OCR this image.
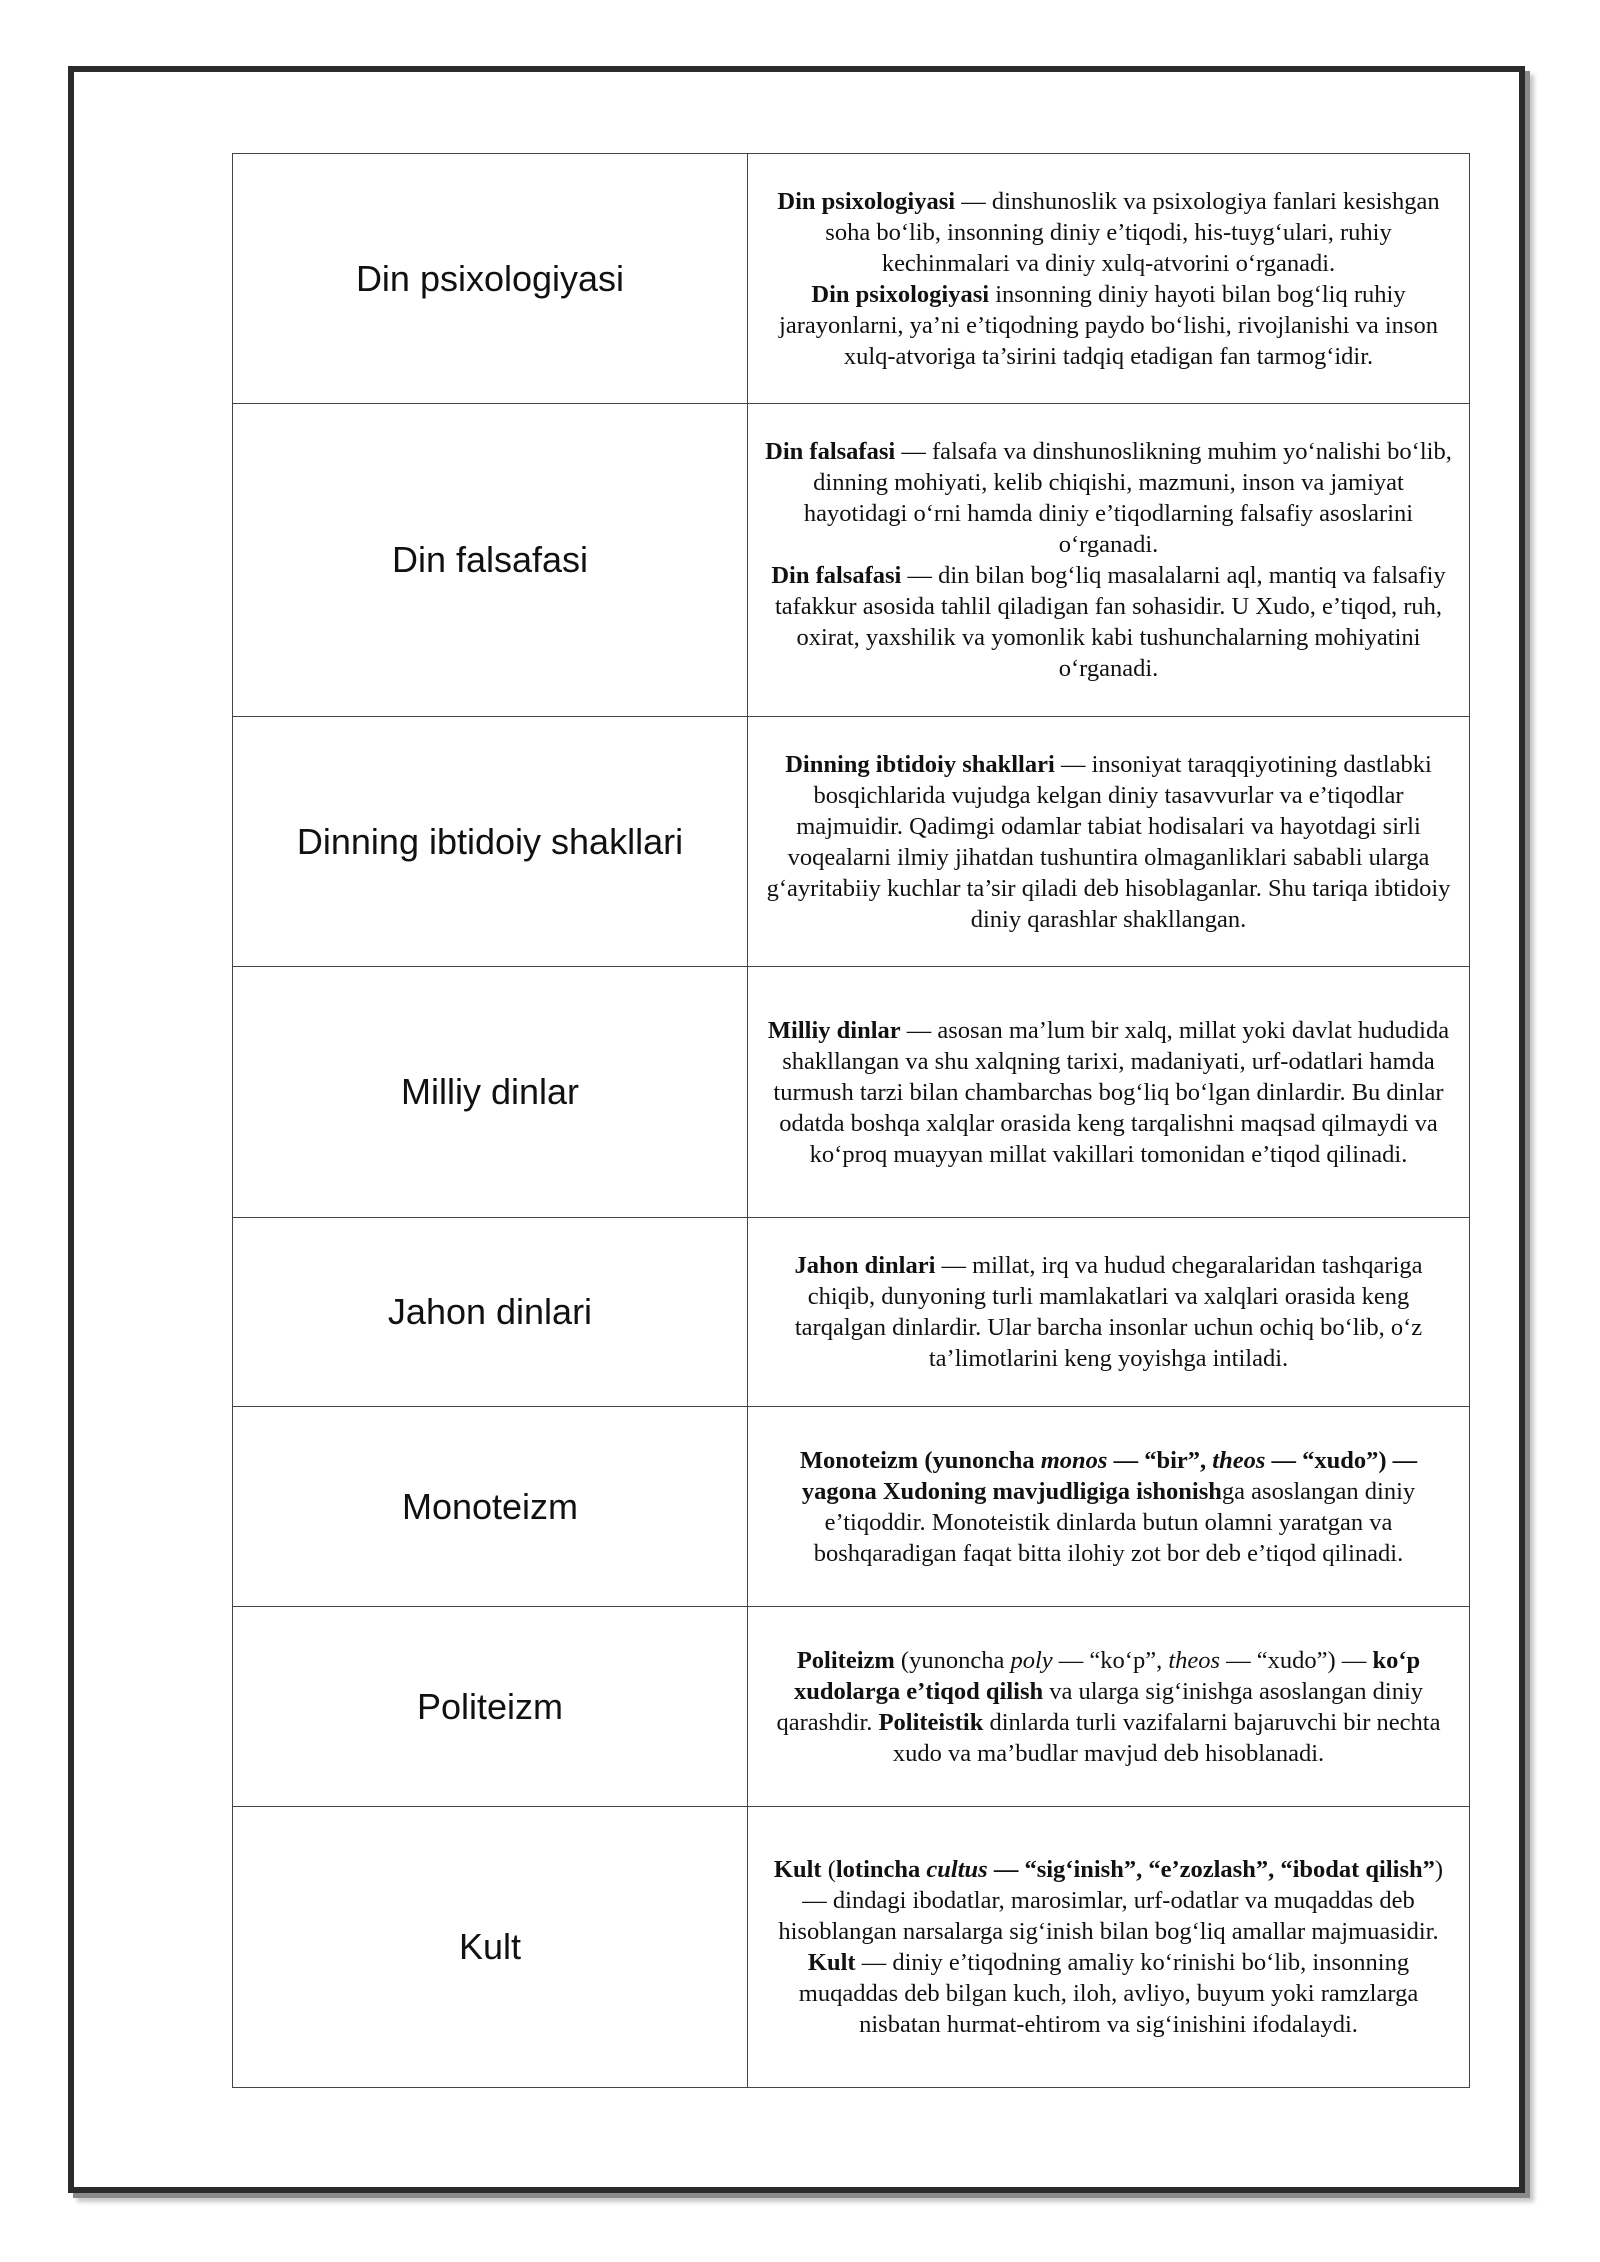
Din psixologiyasi	Din psixologiyasi — dinshunoslik va psixologiya fanlari kesishgan soha bo‘lib, insonning diniy e’tiqodi, his-tuyg‘ulari, ruhiy kechinmalari va diniy xulq-atvorini o‘rganadi.

Din psixologiyasi insonning diniy hayoti bilan bog‘liq ruhiy jarayonlarni, ya’ni e’tiqodning paydo bo‘lishi, rivojlanishi va inson xulq-atvoriga ta’sirini tadqiq etadigan fan tarmog‘idir.

Din falsafasi	Din falsafasi — falsafa va dinshunoslikning muhim yo‘nalishi bo‘lib, dinning mohiyati, kelib chiqishi, mazmuni, inson va jamiyat hayotidagi o‘rni hamda diniy e’tiqodlarning falsafiy asoslarini o‘rganadi.

Din falsafasi — din bilan bog‘liq masalalarni aql, mantiq va falsafiy tafakkur asosida tahlil qiladigan fan sohasidir. U Xudo, e’tiqod, ruh, oxirat, yaxshilik va yomonlik kabi tushunchalarning mohiyatini o‘rganadi.

Dinning ibtidoiy shakllari	Dinning ibtidoiy shakllari — insoniyat taraqqiyotining dastlabki bosqichlarida vujudga kelgan diniy tasavvurlar va e’tiqodlar majmuidir. Qadimgi odamlar tabiat hodisalari va hayotdagi sirli voqealarni ilmiy jihatdan tushuntira olmaganliklari sababli ularga g‘ayritabiiy kuchlar ta’sir qiladi deb hisoblaganlar. Shu tariqa ibtidoiy diniy qarashlar shakllangan.

Milliy dinlar	Milliy dinlar — asosan ma’lum bir xalq, millat yoki davlat hududida shakllangan va shu xalqning tarixi, madaniyati, urf-odatlari hamda turmush tarzi bilan chambarchas bog‘liq bo‘lgan dinlardir. Bu dinlar odatda boshqa xalqlar orasida keng tarqalishni maqsad qilmaydi va ko‘proq muayyan millat vakillari tomonidan e’tiqod qilinadi.

Jahon dinlari	Jahon dinlari — millat, irq va hudud chegaralaridan tashqariga chiqib, dunyoning turli mamlakatlari va xalqlari orasida keng tarqalgan dinlardir. Ular barcha insonlar uchun ochiq bo‘lib, o‘z ta’limotlarini keng yoyishga intiladi.

Monoteizm	Monoteizm (yunoncha monos — “bir”, theos — “xudo”) — yagona Xudoning mavjudligiga ishonishga asoslangan diniy e’tiqoddir. Monoteistik dinlarda butun olamni yaratgan va boshqaradigan faqat bitta ilohiy zot bor deb e’tiqod qilinadi.

Politeizm	Politeizm (yunoncha poly — “ko‘p”, theos — “xudo”) — ko‘p xudolarga e’tiqod qilish va ularga sig‘inishga asoslangan diniy qarashdir. Politeistik dinlarda turli vazifalarni bajaruvchi bir nechta xudo va ma’budlar mavjud deb hisoblanadi.

Kult	Kult (lotincha cultus — “sig‘inish”, “e’zozlash”, “ibodat qilish”) — dindagi ibodatlar, marosimlar, urf-odatlar va muqaddas deb hisoblangan narsalarga sig‘inish bilan bog‘liq amallar majmuasidir.

Kult — diniy e’tiqodning amaliy ko‘rinishi bo‘lib, insonning muqaddas deb bilgan kuch, iloh, avliyo, buyum yoki ramzlarga nisbatan hurmat-ehtirom va sig‘inishini ifodalaydi.
